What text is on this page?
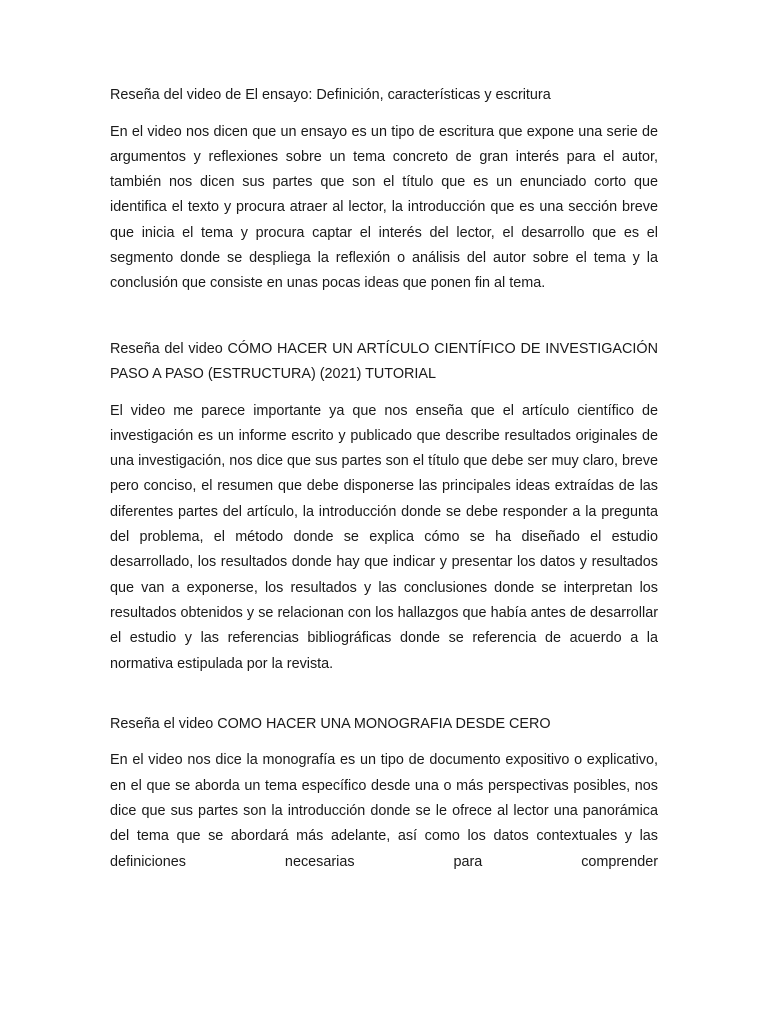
Reseña del video de El ensayo: Definición, características y escritura

En el video nos dicen que un ensayo es un tipo de escritura que expone una serie de argumentos y reflexiones sobre un tema concreto de gran interés para el autor, también nos dicen sus partes que son el título que es un enunciado corto que identifica el texto y procura atraer al lector, la introducción que es una sección breve que inicia el tema y procura captar el interés del lector, el desarrollo que es el segmento donde se despliega la reflexión o análisis del autor sobre el tema y la conclusión que consiste en unas pocas ideas que ponen fin al tema.

Reseña del video CÓMO HACER UN ARTÍCULO CIENTÍFICO DE INVESTIGACIÓN PASO A PASO (ESTRUCTURA) (2021) TUTORIAL

El video me parece importante ya que nos enseña que el artículo científico de investigación es un informe escrito y publicado que describe resultados originales de una investigación, nos dice que sus partes son el título que debe ser muy claro, breve pero conciso, el resumen que debe disponerse las principales ideas extraídas de las diferentes partes del artículo, la introducción donde se debe responder a la pregunta del problema, el método donde se explica cómo se ha diseñado el estudio desarrollado, los resultados donde hay que indicar y presentar los datos y resultados que van a exponerse, los resultados y las conclusiones donde se interpretan los resultados obtenidos y se relacionan con los hallazgos que había antes de desarrollar el estudio y las referencias bibliográficas donde se referencia de acuerdo a la normativa estipulada por la revista.

Reseña el video COMO HACER UNA MONOGRAFIA DESDE CERO

En el video nos dice la monografía es un tipo de documento expositivo o explicativo, en el que se aborda un tema específico desde una o más perspectivas posibles, nos dice que sus partes son la introducción donde se le ofrece al lector una panorámica del tema que se abordará más adelante, así como los datos contextuales y las definiciones necesarias para comprender
